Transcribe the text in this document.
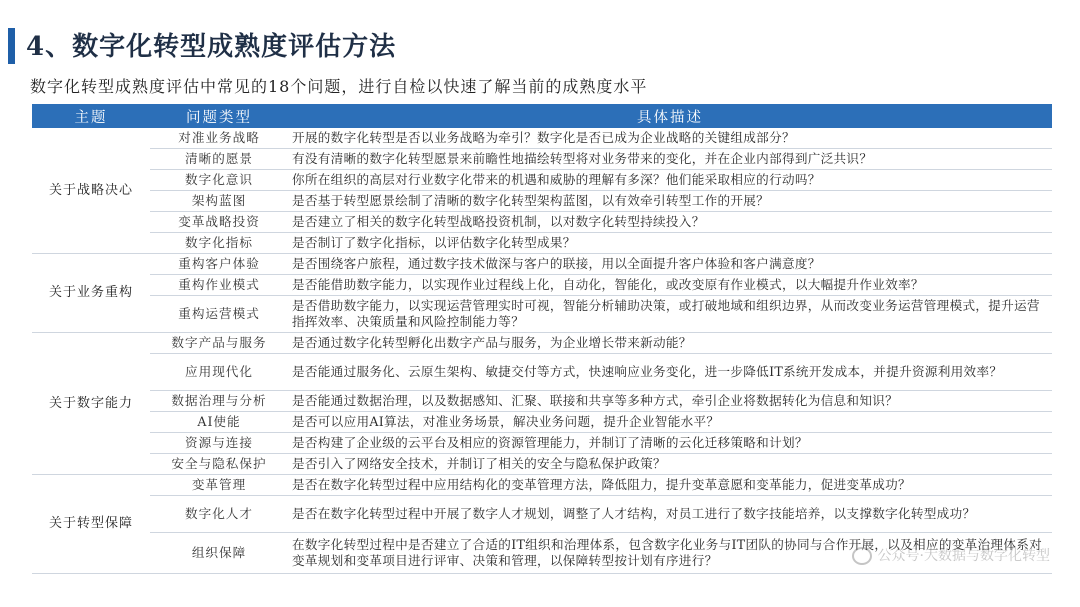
4、数字化转型成熟度评估方法
数字化转型成熟度评估中常见的18个问题，进行自检以快速了解当前的成熟度水平
主题	问题类型	具体描述
关于战略决心	对准业务战略	开展的数字化转型是否以业务战略为牵引？数字化是否已成为企业战略的关键组成部分？
	清晰的愿景	有没有清晰的数字化转型愿景来前瞻性地描绘转型将对业务带来的变化，并在企业内部得到广泛共识？
	数字化意识	你所在组织的高层对行业数字化带来的机遇和威胁的理解有多深？他们能采取相应的行动吗？
	架构蓝图	是否基于转型愿景绘制了清晰的数字化转型架构蓝图，以有效牵引转型工作的开展？
	变革战略投资	是否建立了相关的数字化转型战略投资机制，以对数字化转型持续投入？
	数字化指标	是否制订了数字化指标，以评估数字化转型成果？
关于业务重构	重构客户体验	是否围绕客户旅程，通过数字技术做深与客户的联接，用以全面提升客户体验和客户满意度？
	重构作业模式	是否能借助数字能力，以实现作业过程线上化，自动化，智能化，或改变原有作业模式，以大幅提升作业效率？
	重构运营模式	是否借助数字能力，以实现运营管理实时可视，智能分析辅助决策，或打破地域和组织边界，从而改变业务运营管理模式，提升运营指挥效率、决策质量和风险控制能力等？
关于数字能力	数字产品与服务	是否通过数字化转型孵化出数字产品与服务，为企业增长带来新动能？
	应用现代化	是否能通过服务化、云原生架构、敏捷交付等方式，快速响应业务变化，进一步降低IT系统开发成本，并提升资源利用效率？
	数据治理与分析	是否能通过数据治理，以及数据感知、汇聚、联接和共享等多种方式，牵引企业将数据转化为信息和知识？
	AI使能	是否可以应用AI算法，对准业务场景，解决业务问题，提升企业智能水平？
	资源与连接	是否构建了企业级的云平台及相应的资源管理能力，并制订了清晰的云化迁移策略和计划？
	安全与隐私保护	是否引入了网络安全技术，并制订了相关的安全与隐私保护政策？
关于转型保障	变革管理	是否在数字化转型过程中应用结构化的变革管理方法，降低阻力，提升变革意愿和变革能力，促进变革成功？
	数字化人才	是否在数字化转型过程中开展了数字人才规划，调整了人才结构，对员工进行了数字技能培养，以支撑数字化转型成功？
	组织保障	在数字化转型过程中是否建立了合适的IT组织和治理体系，包含数字化业务与IT团队的协同与合作开展，以及相应的变革治理体系对变革规划和变革项目进行评审、决策和管理，以保障转型按计划有序进行？	公众号·大数据与数字化转型
